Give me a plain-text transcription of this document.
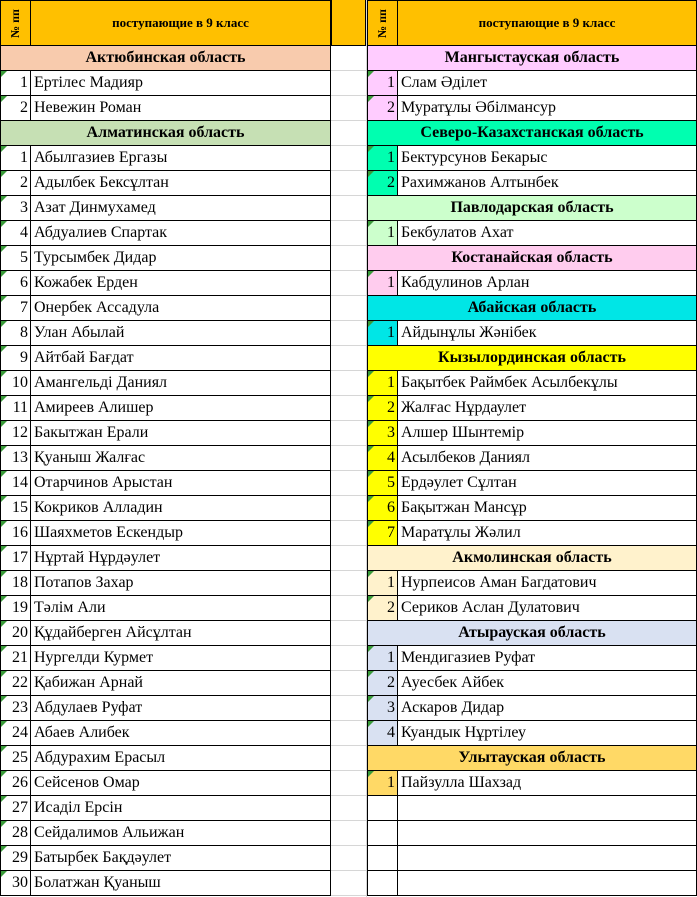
№ пп	поступающие в 9 класс
Актюбинская область
1 Ертілес Мадияр
2 Невежин Роман
Алматинская область
1 Абылгазиев Ергазы
2 Адылбек Бексұлтан
3 Азат Динмухамед
4 Абдуалиев Спартак
5 Турсымбек Дидар
6 Кожабек Ерден
7 Онербек Ассадула
8 Улан Абылай
9 Айтбай Бағдат
10 Амангельді Даниял
11 Амиреев Алишер
12 Бакытжан Ерали
13 Қуаныш Жалғас
14 Отарчинов Арыстан
15 Кокриков Алладин
16 Шаяхметов Ескендыр
17 Нұртай Нұрдәулет
18 Потапов Захар
19 Тәлім Али
20 Құдайберген Айсұлтан
21 Нургелди Курмет
22 Қабижан Арнай
23 Абдулаев Руфат
24 Абаев Алибек
25 Абдурахим Ерасыл
26 Сейсенов Омар
27 Исаділ Ерсін
28 Сейдалимов Альижан
29 Батырбек Бақдәулет
30 Болатжан Қуаныш
№ пп	поступающие в 9 класс
Мангыстауская область
1 Слам Әділет
2 Муратұлы Әбілмансур
Северо-Казахстанская область
1 Бектурсунов Бекарыс
2 Рахимжанов Алтынбек
Павлодарская область
1 Бекбулатов Ахат
Костанайская область
1 Кабдулинов Арлан
Абайская область
1 Айдынұлы Жәнібек
Кызылординская область
1 Бақытбек Раймбек Асылбекұлы
2 Жалғас Нұрдаулет
3 Алшер Шынтемір
4 Асылбеков Даниял
5 Ердәулет Сұлтан
6 Бақытжан Мансұр
7 Маратұлы Жәлил
Акмолинская область
1 Нурпеисов Аман Багдатович
2 Сериков Аслан Дулатович
Атырауская область
1 Мендигазиев Руфат
2 Ауесбек Айбек
3 Аскаров Дидар
4 Куандык Нұртілеу
Улытауская область
1 Пайзулла Шахзад
